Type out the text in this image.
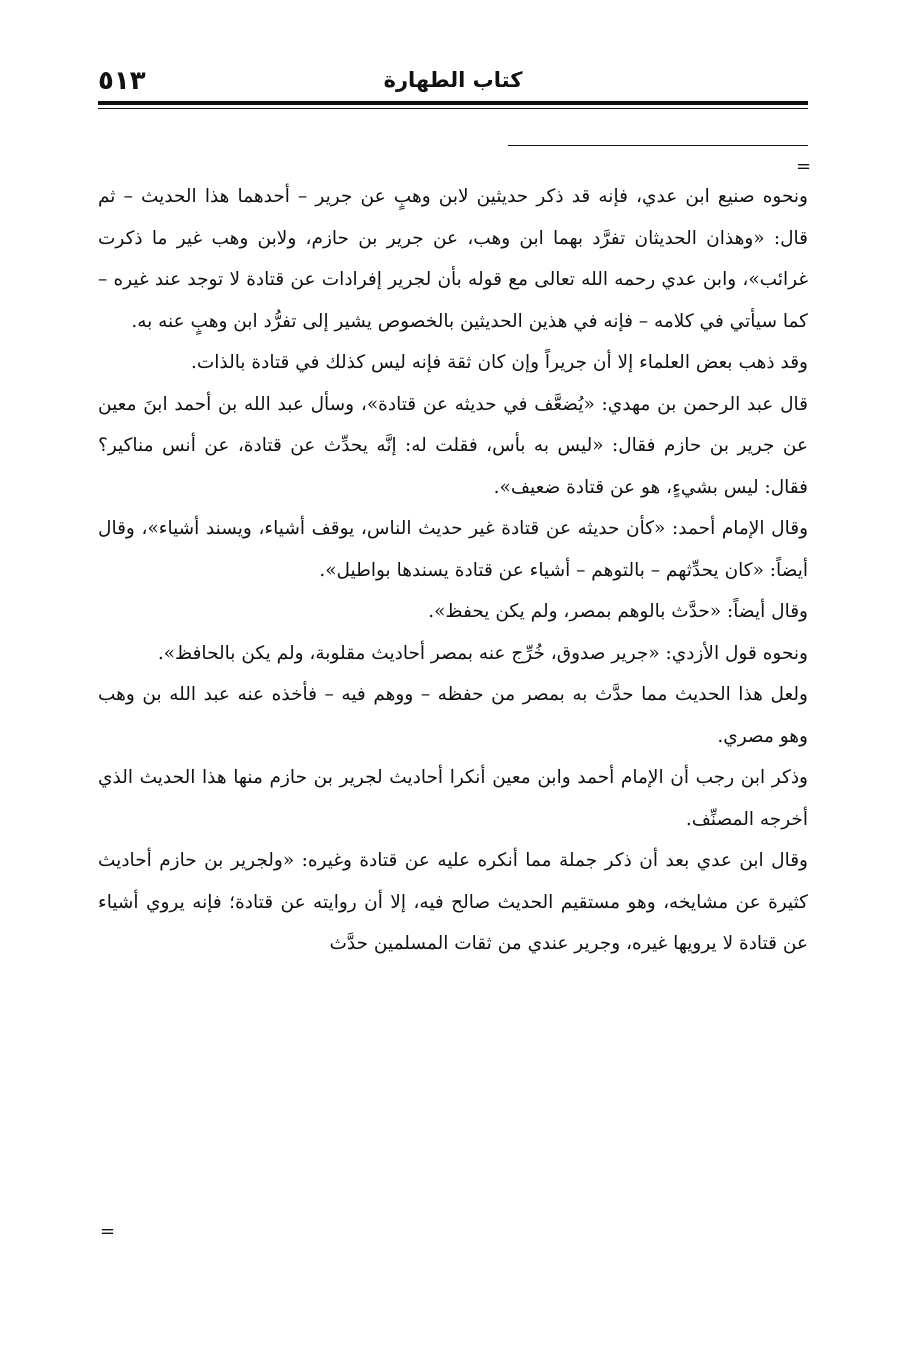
٥١٣	كتاب الطهارة
=

ونحوه صنيع ابن عدي، فإنه قد ذكر حديثين لابن وهبٍ عن جرير – أحدهما هذا الحديث – ثم قال: «وهذان الحديثان تفرَّد بهما ابن وهب، عن جرير بن حازم، ولابن وهب غير ما ذكرت غرائب»، وابن عدي رحمه الله تعالى مع قوله بأن لجرير إفرادات عن قتادة لا توجد عند غيره – كما سيأتي في كلامه – فإنه في هذين الحديثين بالخصوص يشير إلى تفرُّد ابن وهبٍ عنه به.

وقد ذهب بعض العلماء إلا أن جريراً وإن كان ثقة فإنه ليس كذلك في قتادة بالذات.

قال عبد الرحمن بن مهدي: «يُضعَّف في حديثه عن قتادة»، وسأل عبد الله بن أحمد ابنَ معين عن جرير بن حازم فقال: «ليس به بأس، فقلت له: إنَّه يحدِّث عن قتادة، عن أنس مناكير؟ فقال: ليس بشيءٍ، هو عن قتادة ضعيف».

وقال الإمام أحمد: «كأن حديثه عن قتادة غير حديث الناس، يوقف أشياء، ويسند أشياء»، وقال أيضاً: «كان يحدِّثهم – بالتوهم – أشياء عن قتادة يسندها بواطيل».

وقال أيضاً: «حدَّث بالوهم بمصر، ولم يكن يحفظ».

ونحوه قول الأزدي: «جرير صدوق، خُرِّج عنه بمصر أحاديث مقلوبة، ولم يكن بالحافظ».

ولعل هذا الحديث مما حدَّث به بمصر من حفظه – ووهم فيه – فأخذه عنه عبد الله بن وهب وهو مصري.

وذكر ابن رجب أن الإمام أحمد وابن معين أنكرا أحاديث لجرير بن حازم منها هذا الحديث الذي أخرجه المصنِّف.

وقال ابن عدي بعد أن ذكر جملة مما أنكره عليه عن قتادة وغيره: «ولجرير بن حازم أحاديث كثيرة عن مشايخه، وهو مستقيم الحديث صالح فيه، إلا أن روايته عن قتادة؛ فإنه يروي أشياء عن قتادة لا يرويها غيره، وجرير عندي من ثقات المسلمين حدَّث

=
